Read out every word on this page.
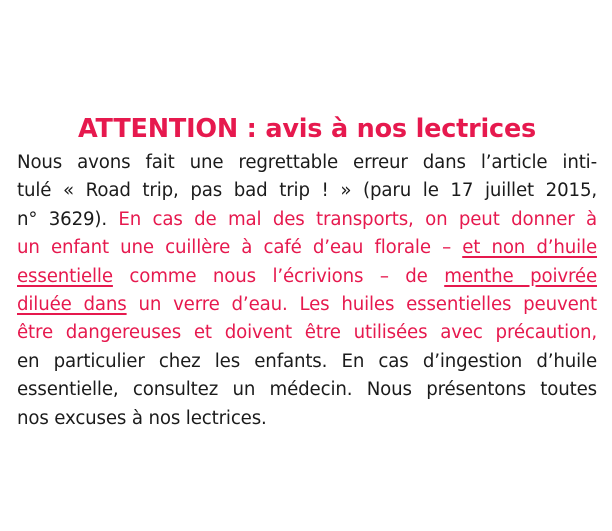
ATTENTION : avis à nos lectrices
Nous avons fait une regrettable erreur dans l’article inti-
tulé « Road trip, pas bad trip ! » (paru le 17 juillet 2015,
n° 3629). En cas de mal des transports, on peut donner à
un enfant une cuillère à café d’eau florale – et non d’huile
essentielle comme nous l’écrivions – de menthe poivrée
diluée dans un verre d’eau. Les huiles essentielles peuvent
être dangereuses et doivent être utilisées avec précaution,
en particulier chez les enfants. En cas d’ingestion d’huile
essentielle, consultez un médecin. Nous présentons toutes
nos excuses à nos lectrices.
